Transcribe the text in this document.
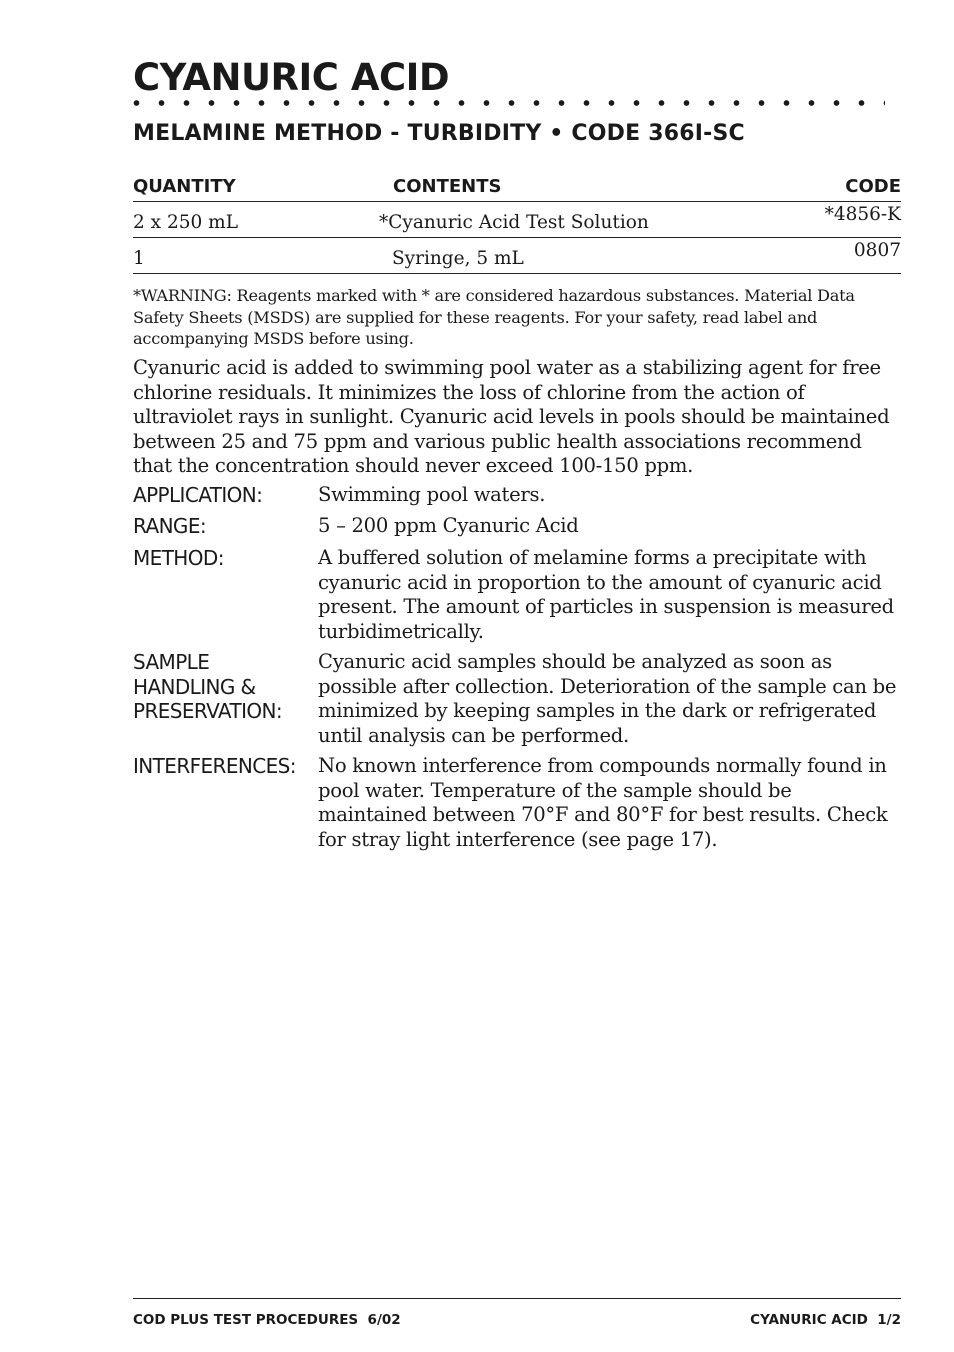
CYANURIC ACID
MELAMINE METHOD - TURBIDITY • CODE 366I-SC
QUANTITY	CONTENTS	CODE
2 x 250 mL	*Cyanuric Acid Test Solution	*4856-K
1	Syringe, 5 mL	0807

*WARNING: Reagents marked with * are considered hazardous substances. Material Data Safety Sheets (MSDS) are supplied for these reagents. For your safety, read label and accompanying MSDS before using.

Cyanuric acid is added to swimming pool water as a stabilizing agent for free chlorine residuals. It minimizes the loss of chlorine from the action of ultraviolet rays in sunlight. Cyanuric acid levels in pools should be maintained between 25 and 75 ppm and various public health associations recommend that the concentration should never exceed 100-150 ppm.

APPLICATION:	Swimming pool waters.
RANGE:	5 – 200 ppm Cyanuric Acid
METHOD:	A buffered solution of melamine forms a precipitate with cyanuric acid in proportion to the amount of cyanuric acid present. The amount of particles in suspension is measured turbidimetrically.
SAMPLE HANDLING & PRESERVATION:
Cyanuric acid samples should be analyzed as soon as possible after collection. Deterioration of the sample can be minimized by keeping samples in the dark or refrigerated until analysis can be performed.
INTERFERENCES:	No known interference from compounds normally found in pool water. Temperature of the sample should be maintained between 70°F and 80°F for best results. Check for stray light interference (see page 17).
COD PLUS TEST PROCEDURES  6/02	CYANURIC ACID  1/2
